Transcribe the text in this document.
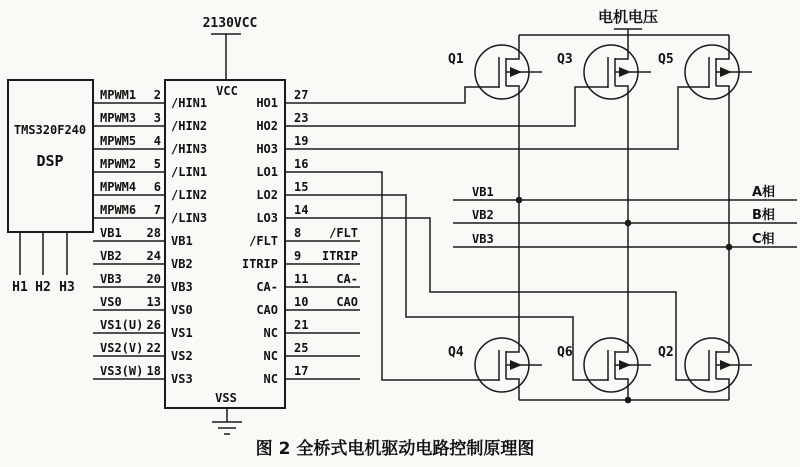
TMS320F240
DSP
H1 H2 H3
MPWM1 2
MPWM3 3
MPWM5 4
MPWM2 5
MPWM4 6
MPWM6 7
VB1 28
VB2 24
VB3 20
VS0 13
VS1(U) 26
VS2(V) 22
VS3(W) 18
VCC
VSS
/HIN1
/HIN2
/HIN3
/LIN1
/LIN2
/LIN3
VB1
VB2
VB3
VS0
VS1
VS2
VS3
HO1
HO2
HO3
LO1
LO2
LO3
/FLT
ITRIP
CA-
CAO
NC
NC
NC
2130VCC
27
23
19
16
15
14
8
9
11
10
21
25
17
/FLT
ITRIP
CA-
CAO
电机电压
VB1
VB2
VB3
A相
B相
C相
Q1	Q3	Q5
Q4	Q6	Q2
图 2 全桥式电机驱动电路控制原理图
